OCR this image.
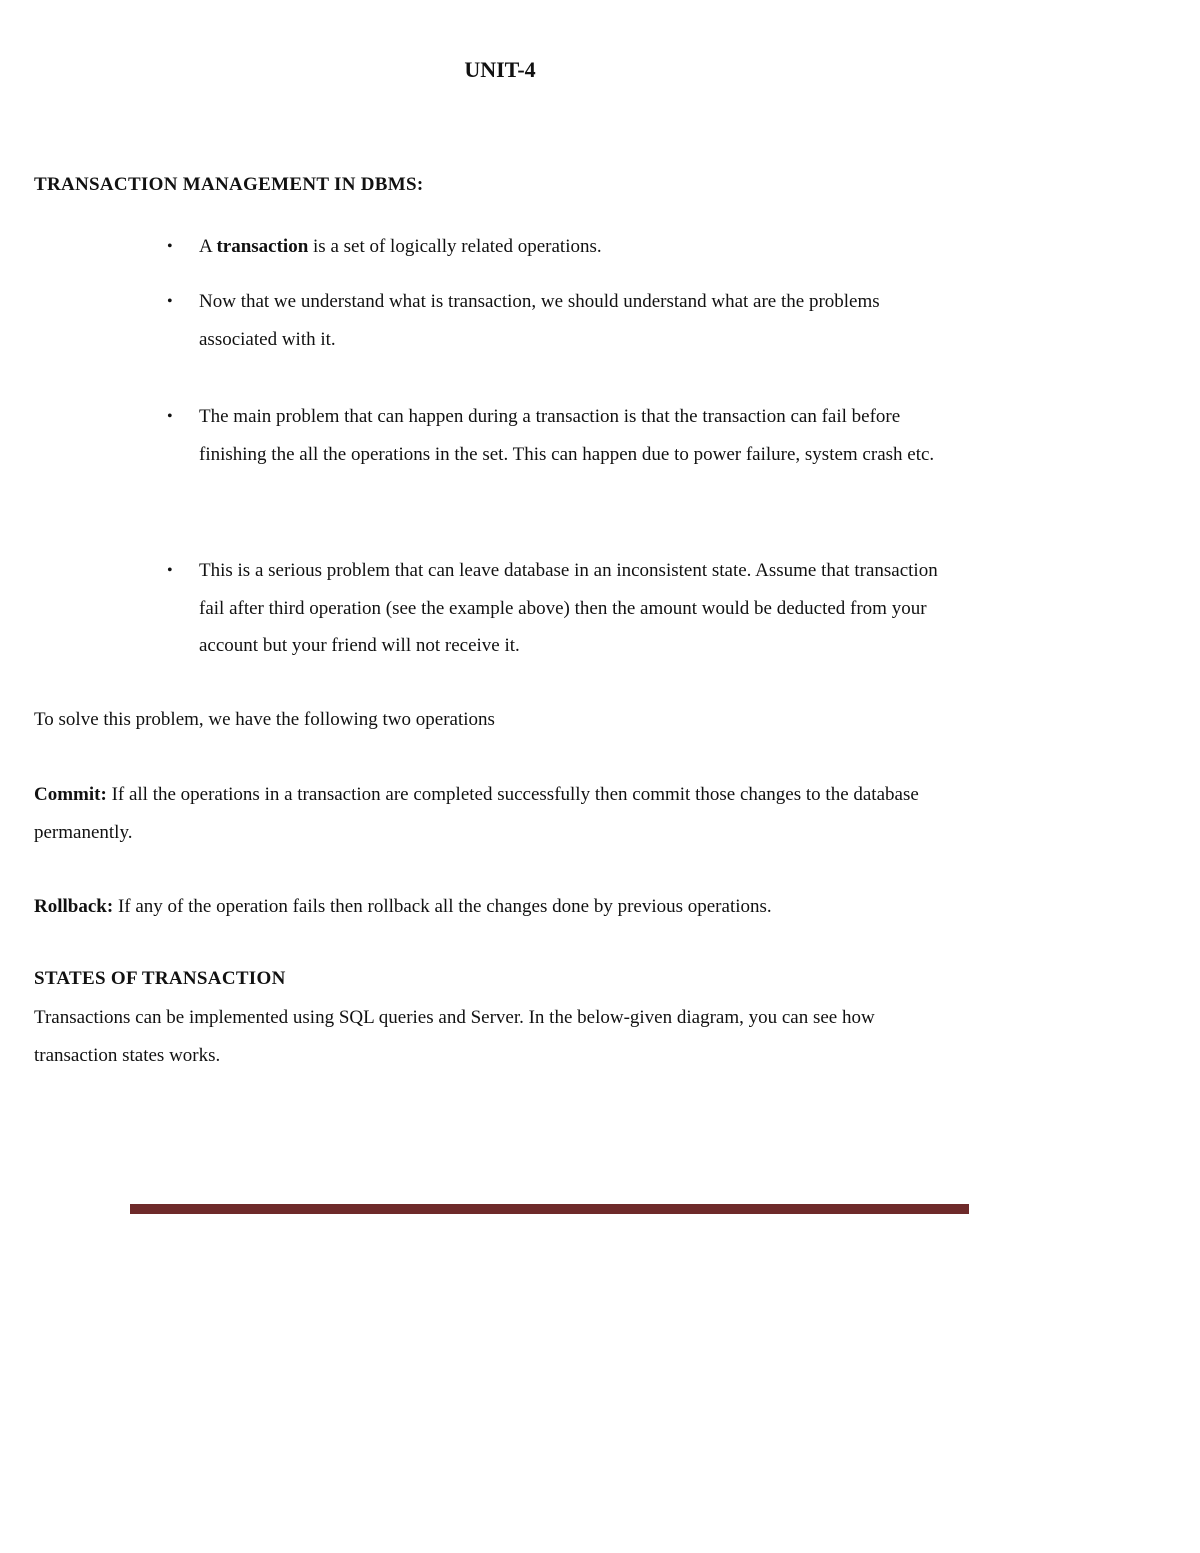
UNIT-4
TRANSACTION MANAGEMENT IN DBMS:
• A transaction is a set of logically related operations.
• Now that we understand what is transaction, we should understand what are the problems associated with it.
• The main problem that can happen during a transaction is that the transaction can fail before finishing the all the operations in the set. This can happen due to power failure, system crash etc.
• This is a serious problem that can leave database in an inconsistent state. Assume that transaction fail after third operation (see the example above) then the amount would be deducted from your account but your friend will not receive it.
To solve this problem, we have the following two operations
Commit: If all the operations in a transaction are completed successfully then commit those changes to the database permanently.
Rollback: If any of the operation fails then rollback all the changes done by previous operations.
STATES OF TRANSACTION
Transactions can be implemented using SQL queries and Server. In the below-given diagram, you can see how transaction states works.
